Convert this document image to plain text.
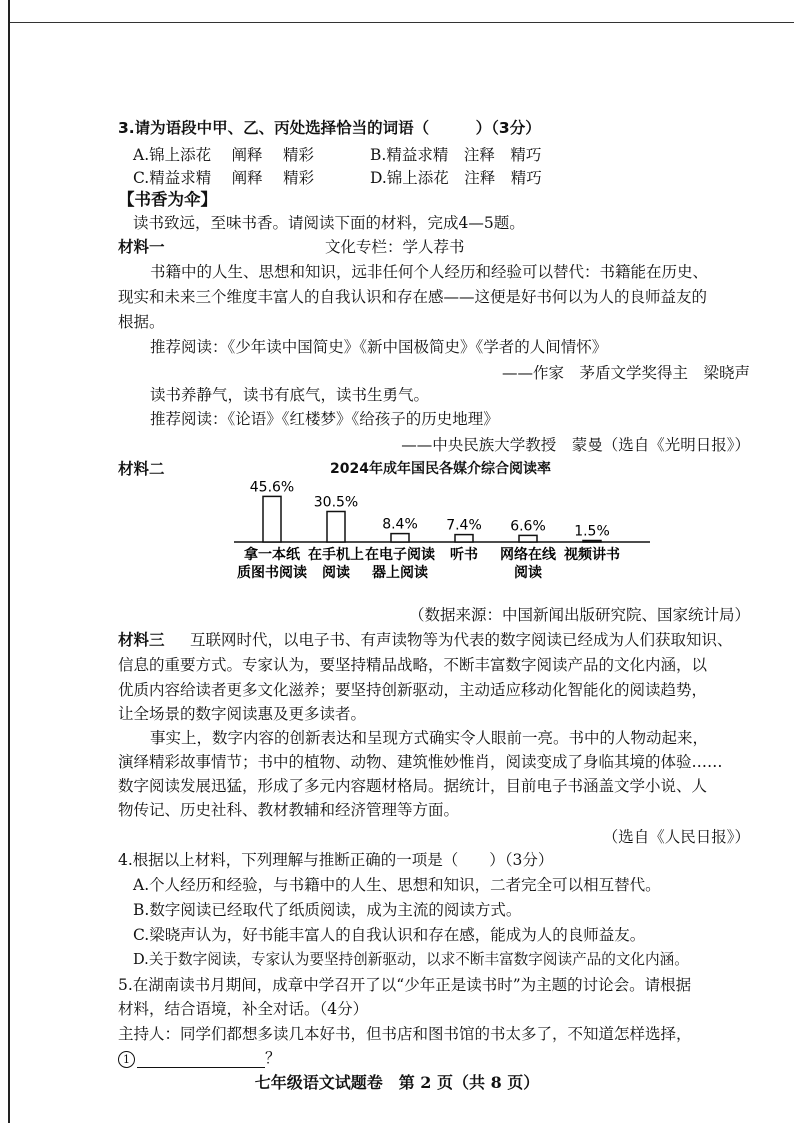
3.请为语段中甲、乙、丙处选择恰当的词语（　　　）（3分）
A.锦上添花　 阐释　 精彩	B.精益求精　注释　精巧
C.精益求精　 阐释　 精彩	D.锦上添花　注释　精巧
【书香为伞】
读书致远，至味书香。请阅读下面的材料，完成4—5题。
材料一	文化专栏：学人荐书
书籍中的人生、思想和知识，远非任何个人经历和经验可以替代：书籍能在历史、
现实和未来三个维度丰富人的自我认识和存在感——这便是好书何以为人的良师益友的
根据。
推荐阅读：《少年读中国简史》《新中国极简史》《学者的人间情怀》
——作家　茅盾文学奖得主　梁晓声
读书养静气，读书有底气，读书生勇气。
推荐阅读：《论语》《红楼梦》《给孩子的历史地理》
——中央民族大学教授　蒙曼（选自《光明日报》）
材料二	2024年成年国民各媒介综合阅读率
45.6%
拿一本纸
质图书阅读
30.5%
在手机上
阅读
8.4%
在电子阅读
器上阅读
7.4%
听书
6.6%
网络在线
阅读
1.5%
视频讲书
（数据来源：中国新闻出版研究院、国家统计局）
材料三 互联网时代，以电子书、有声读物等为代表的数字阅读已经成为人们获取知识、
信息的重要方式。专家认为，要坚持精品战略，不断丰富数字阅读产品的文化内涵，以
优质内容给读者更多文化滋养；要坚持创新驱动，主动适应移动化智能化的阅读趋势，
让全场景的数字阅读惠及更多读者。
事实上，数字内容的创新表达和呈现方式确实令人眼前一亮。书中的人物动起来，
演绎精彩故事情节；书中的植物、动物、建筑惟妙惟肖，阅读变成了身临其境的体验……
数字阅读发展迅猛，形成了多元内容题材格局。据统计，目前电子书涵盖文学小说、人
物传记、历史社科、教材教辅和经济管理等方面。
（选自《人民日报》）
4.根据以上材料，下列理解与推断正确的一项是（　　）（3分）
A.个人经历和经验，与书籍中的人生、思想和知识，二者完全可以相互替代。
B.数字阅读已经取代了纸质阅读，成为主流的阅读方式。
C.梁晓声认为，好书能丰富人的自我认识和存在感，能成为人的良师益友。
D.关于数字阅读，专家认为要坚持创新驱动，以求不断丰富数字阅读产品的文化内涵。
5.在湖南读书月期间，成章中学召开了以“少年正是读书时”为主题的讨论会。请根据
材料，结合语境，补全对话。（4分）
主持人：同学们都想多读几本好书，但书店和图书馆的书太多了，不知道怎样选择，
1	？
七年级语文试题卷　第 2 页（共 8 页）
